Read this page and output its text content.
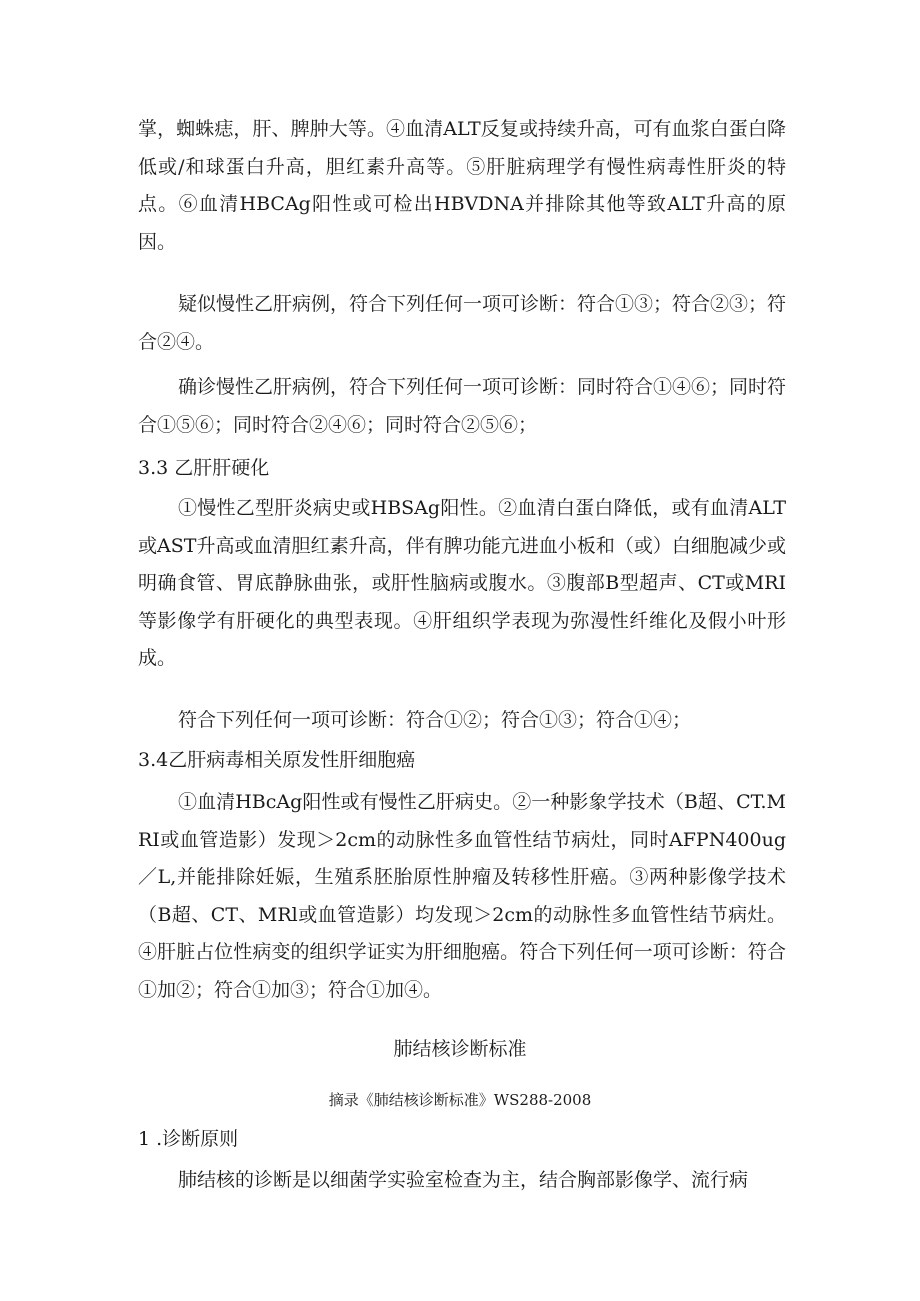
掌，蜘蛛痣，肝、脾肿大等。④血清ALT反复或持续升高，可有血浆白蛋白降低或/和球蛋白升高，胆红素升高等。⑤肝脏病理学有慢性病毒性肝炎的特点。⑥血清HBCAg阳性或可检出HBVDNA并排除其他等致ALT升高的原因。

疑似慢性乙肝病例，符合下列任何一项可诊断：符合①③；符合②③；符合②④。

确诊慢性乙肝病例，符合下列任何一项可诊断：同时符合①④⑥；同时符合①⑤⑥；同时符合②④⑥；同时符合②⑤⑥；

3.3 乙肝肝硬化

①慢性乙型肝炎病史或HBSAg阳性。②血清白蛋白降低，或有血清ALT或AST升高或血清胆红素升高，伴有脾功能亢进血小板和（或）白细胞减少或明确食管、胃底静脉曲张，或肝性脑病或腹水。③腹部B型超声、CT或MRI等影像学有肝硬化的典型表现。④肝组织学表现为弥漫性纤维化及假小叶形成。

符合下列任何一项可诊断：符合①②；符合①③；符合①④；

3.4乙肝病毒相关原发性肝细胞癌

①血清HBcAg阳性或有慢性乙肝病史。②一种影象学技术（B超、CT.MRI或血管造影）发现＞2cm的动脉性多血管性结节病灶，同时AFPN400ug／L,并能排除妊娠，生殖系胚胎原性肿瘤及转移性肝癌。③两种影像学技术（B超、CT、MRl或血管造影）均发现＞2cm的动脉性多血管性结节病灶。④肝脏占位性病变的组织学证实为肝细胞癌。符合下列任何一项可诊断：符合①加②；符合①加③；符合①加④。

肺结核诊断标准

摘录《肺结核诊断标准》WS288-2008

1 .诊断原则

肺结核的诊断是以细菌学实验室检查为主，结合胸部影像学、流行病
